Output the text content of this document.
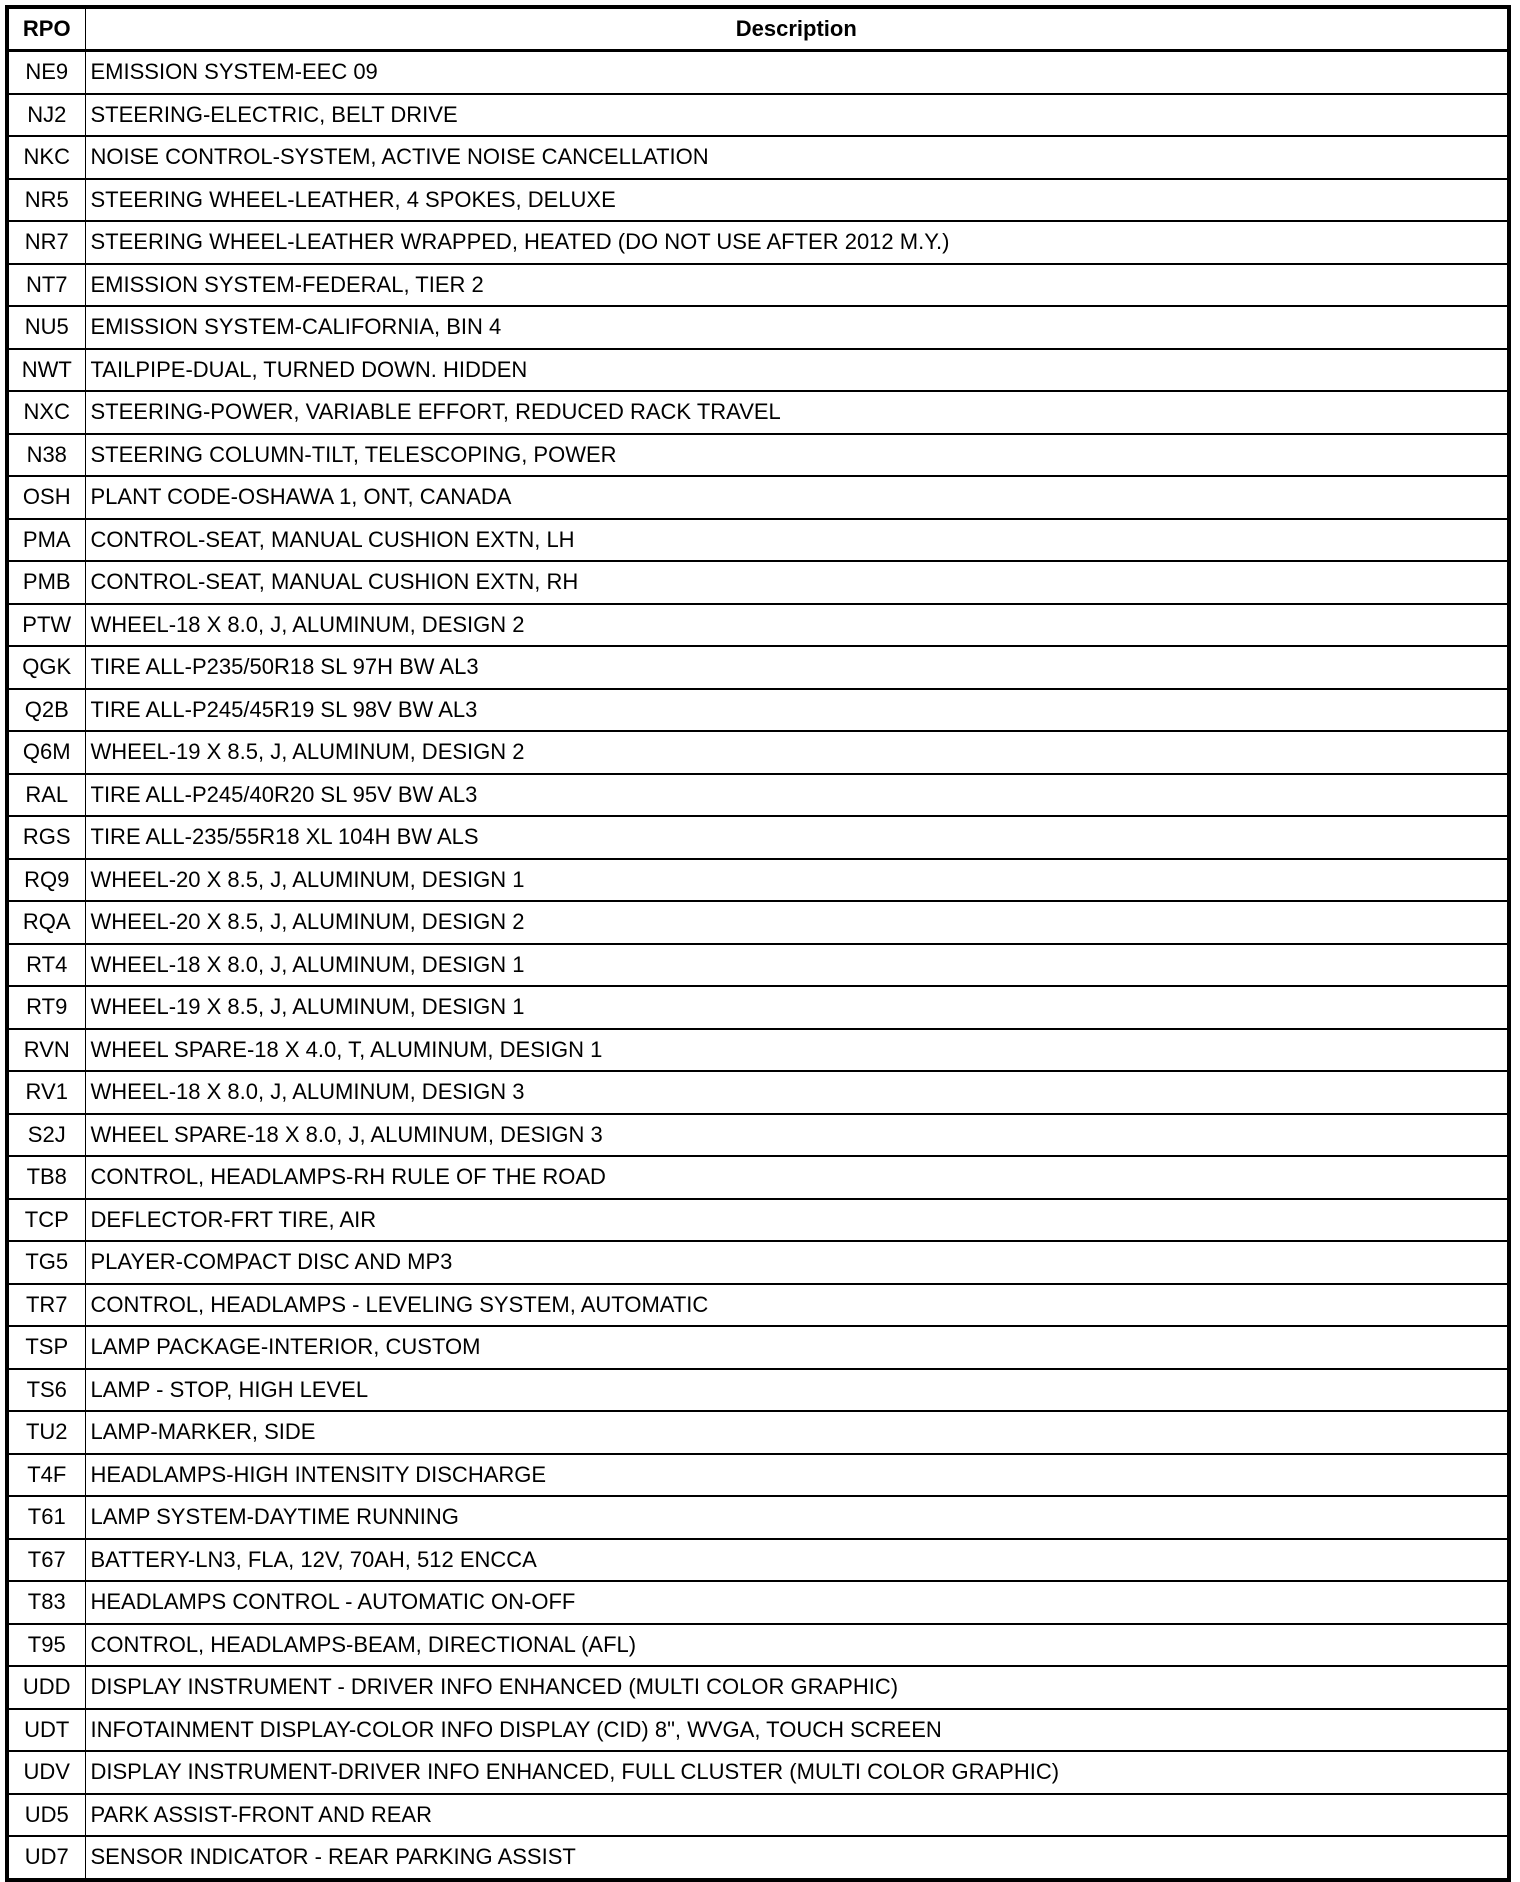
RPO	Description
NE9	EMISSION SYSTEM-EEC 09
NJ2	STEERING-ELECTRIC, BELT DRIVE
NKC	NOISE CONTROL-SYSTEM, ACTIVE NOISE CANCELLATION
NR5	STEERING WHEEL-LEATHER, 4 SPOKES, DELUXE
NR7	STEERING WHEEL-LEATHER WRAPPED, HEATED (DO NOT USE AFTER 2012 M.Y.)
NT7	EMISSION SYSTEM-FEDERAL, TIER 2
NU5	EMISSION SYSTEM-CALIFORNIA, BIN 4
NWT	TAILPIPE-DUAL, TURNED DOWN. HIDDEN
NXC	STEERING-POWER, VARIABLE EFFORT, REDUCED RACK TRAVEL
N38	STEERING COLUMN-TILT, TELESCOPING, POWER
OSH	PLANT CODE-OSHAWA 1, ONT, CANADA
PMA	CONTROL-SEAT, MANUAL CUSHION EXTN, LH
PMB	CONTROL-SEAT, MANUAL CUSHION EXTN, RH
PTW	WHEEL-18 X 8.0, J, ALUMINUM, DESIGN 2
QGK	TIRE ALL-P235/50R18 SL 97H BW AL3
Q2B	TIRE ALL-P245/45R19 SL 98V BW AL3
Q6M	WHEEL-19 X 8.5, J, ALUMINUM, DESIGN 2
RAL	TIRE ALL-P245/40R20 SL 95V BW AL3
RGS	TIRE ALL-235/55R18 XL 104H BW ALS
RQ9	WHEEL-20 X 8.5, J, ALUMINUM, DESIGN 1
RQA	WHEEL-20 X 8.5, J, ALUMINUM, DESIGN 2
RT4	WHEEL-18 X 8.0, J, ALUMINUM, DESIGN 1
RT9	WHEEL-19 X 8.5, J, ALUMINUM, DESIGN 1
RVN	WHEEL SPARE-18 X 4.0, T, ALUMINUM, DESIGN 1
RV1	WHEEL-18 X 8.0, J, ALUMINUM, DESIGN 3
S2J	WHEEL SPARE-18 X 8.0, J, ALUMINUM, DESIGN 3
TB8	CONTROL, HEADLAMPS-RH RULE OF THE ROAD
TCP	DEFLECTOR-FRT TIRE, AIR
TG5	PLAYER-COMPACT DISC AND MP3
TR7	CONTROL, HEADLAMPS - LEVELING SYSTEM, AUTOMATIC
TSP	LAMP PACKAGE-INTERIOR, CUSTOM
TS6	LAMP - STOP, HIGH LEVEL
TU2	LAMP-MARKER, SIDE
T4F	HEADLAMPS-HIGH INTENSITY DISCHARGE
T61	LAMP SYSTEM-DAYTIME RUNNING
T67	BATTERY-LN3, FLA, 12V, 70AH, 512 ENCCA
T83	HEADLAMPS CONTROL - AUTOMATIC ON-OFF
T95	CONTROL, HEADLAMPS-BEAM, DIRECTIONAL (AFL)
UDD	DISPLAY INSTRUMENT - DRIVER INFO ENHANCED (MULTI COLOR GRAPHIC)
UDT	INFOTAINMENT DISPLAY-COLOR INFO DISPLAY (CID) 8", WVGA, TOUCH SCREEN
UDV	DISPLAY INSTRUMENT-DRIVER INFO ENHANCED, FULL CLUSTER (MULTI COLOR GRAPHIC)
UD5	PARK ASSIST-FRONT AND REAR
UD7	SENSOR INDICATOR - REAR PARKING ASSIST
